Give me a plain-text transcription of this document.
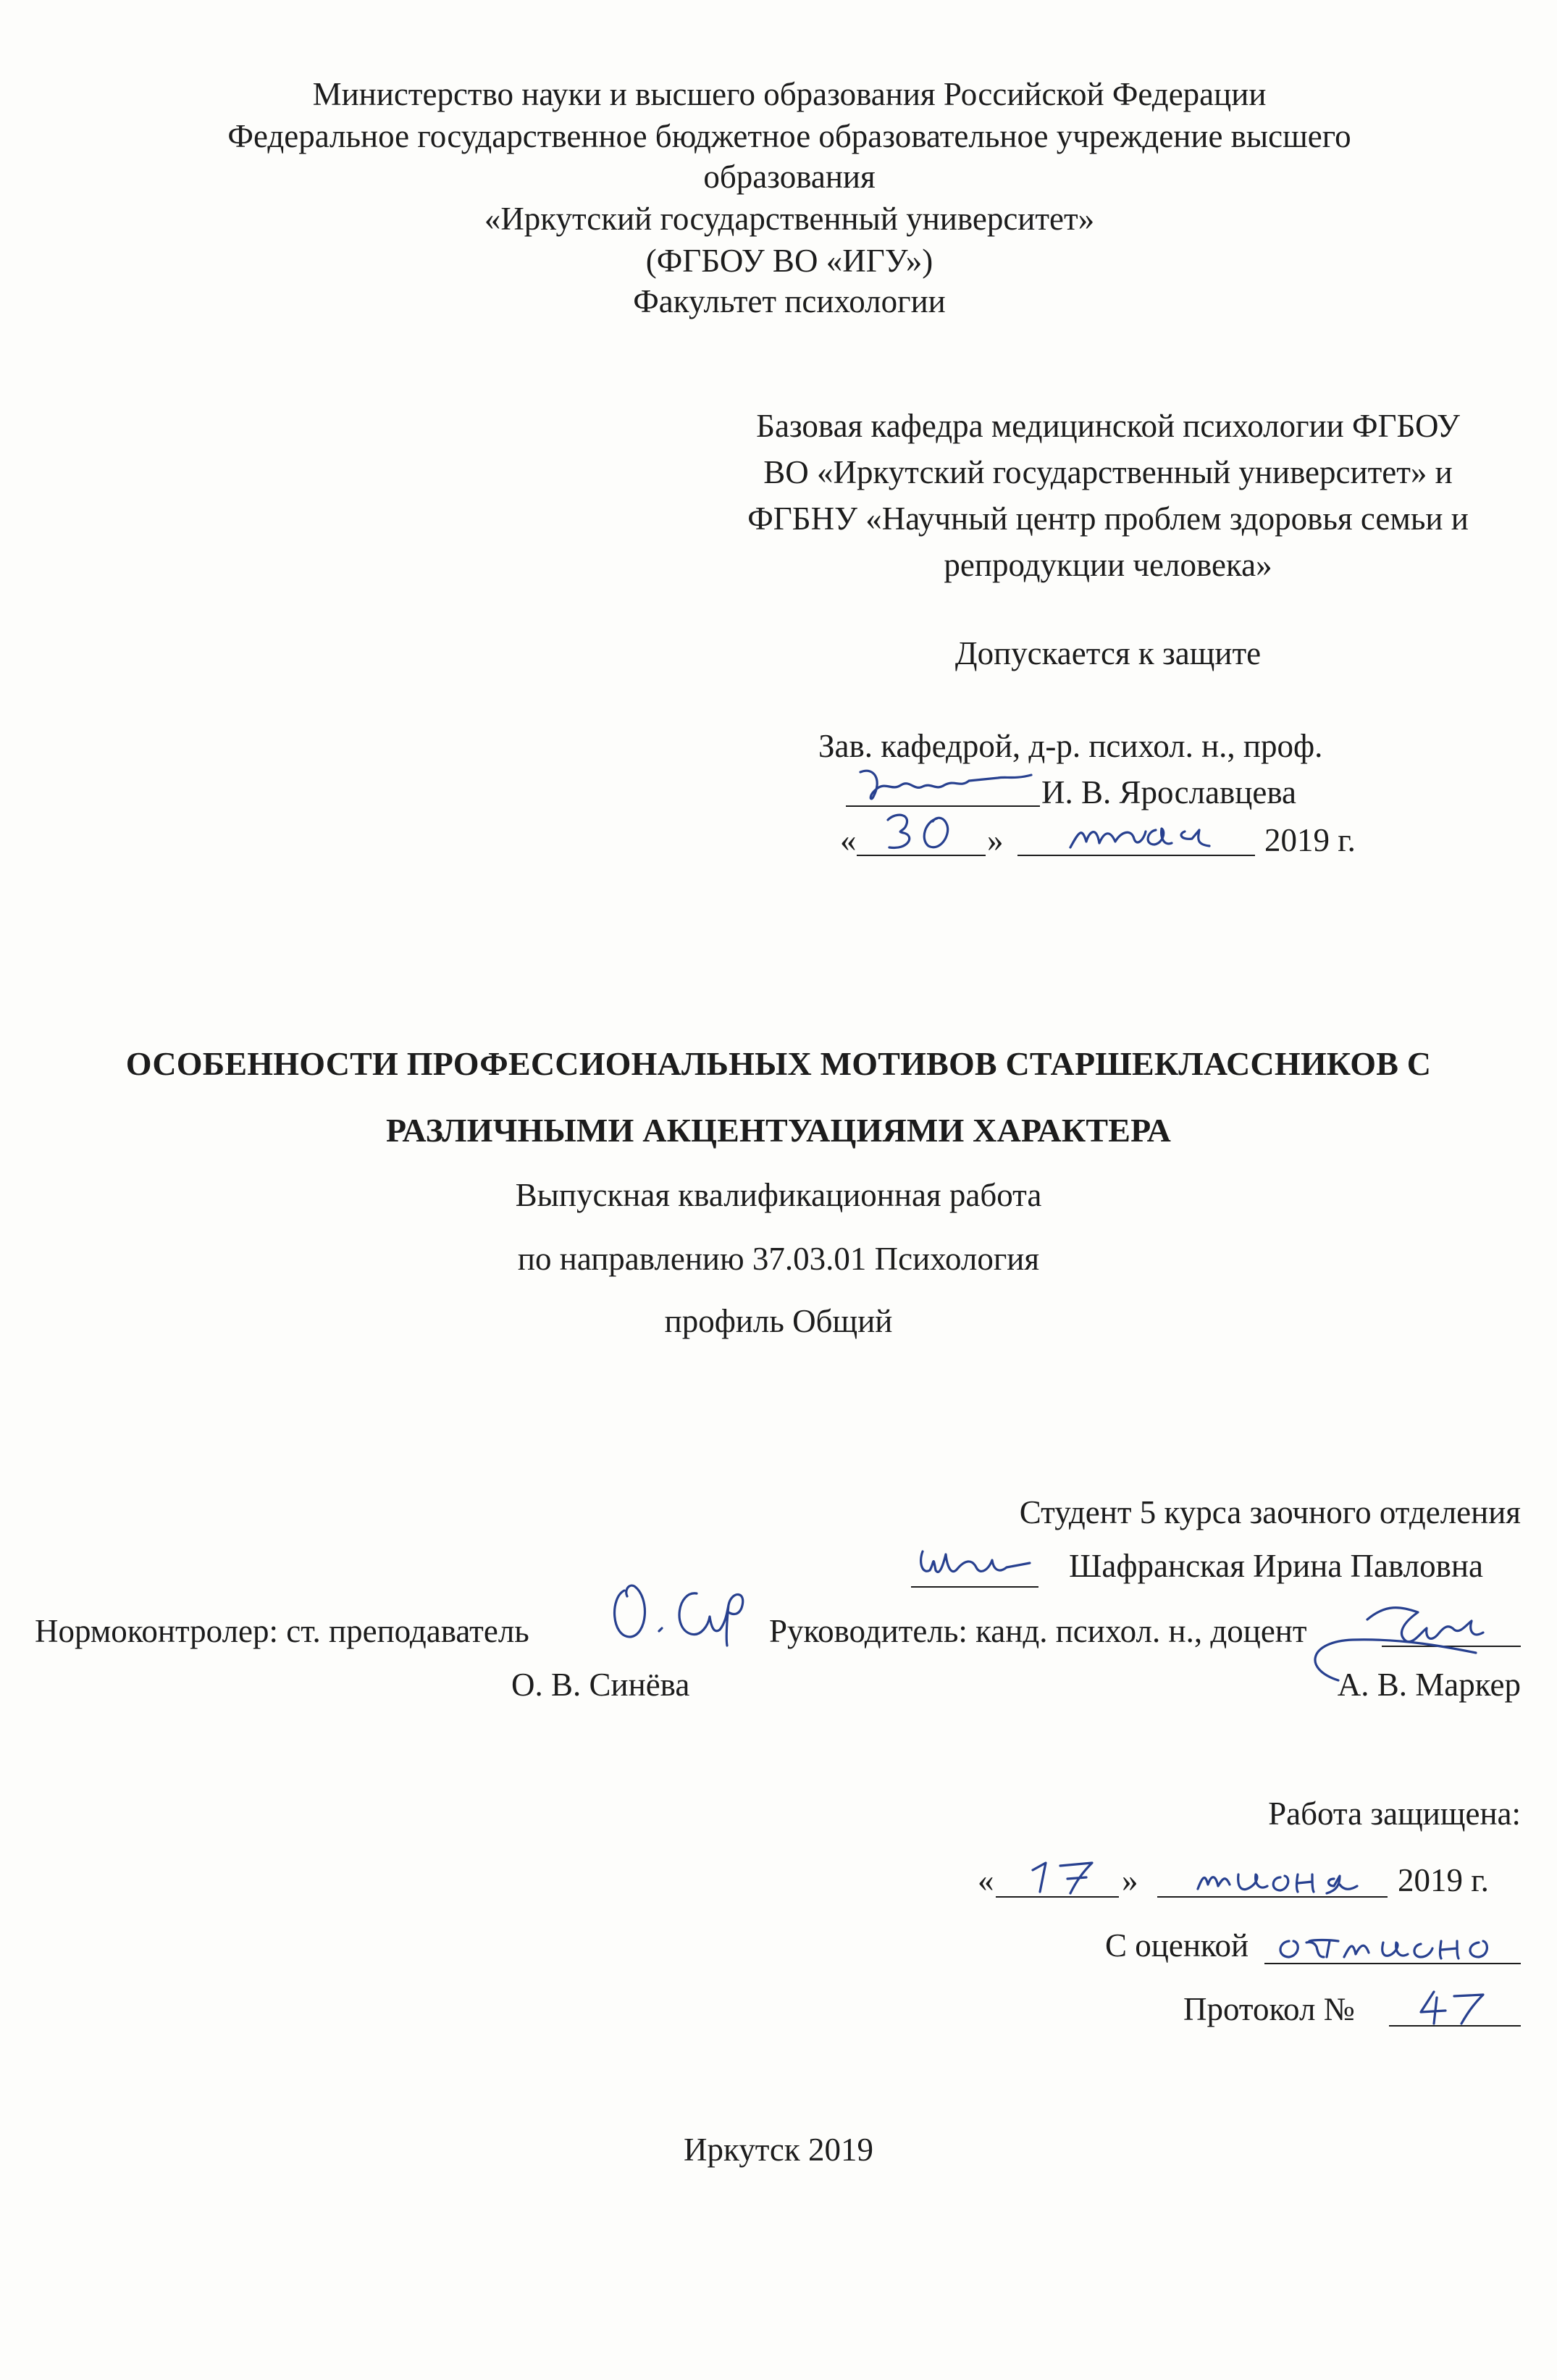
Министерство науки и высшего образования Российской Федерации
Федеральное государственное бюджетное образовательное учреждение высшего
образования
«Иркутский государственный университет»
(ФГБОУ ВО «ИГУ»)
Факультет психологии
Базовая кафедра медицинской психологии ФГБОУ
ВО «Иркутский государственный университет» и
ФГБНУ «Научный центр проблем здоровья семьи и
репродукции человека»
Допускается к защите
Зав. кафедрой, д-р. психол. н., проф.
И. В. Ярославцева
«	»	2019 г.
ОСОБЕННОСТИ ПРОФЕССИОНАЛЬНЫХ МОТИВОВ СТАРШЕКЛАССНИКОВ С
РАЗЛИЧНЫМИ АКЦЕНТУАЦИЯМИ ХАРАКТЕРА
Выпускная квалификационная работа
по направлению 37.03.01 Психология
профиль Общий
Студент 5 курса заочного отделения
Шафранская Ирина Павловна
Нормоконтролер: ст. преподаватель	Руководитель: канд. психол. н., доцент
О. В. Синёва	А. В. Маркер
Работа защищена:
«	»	2019 г.
С оценкой
Протокол №
Иркутск 2019
